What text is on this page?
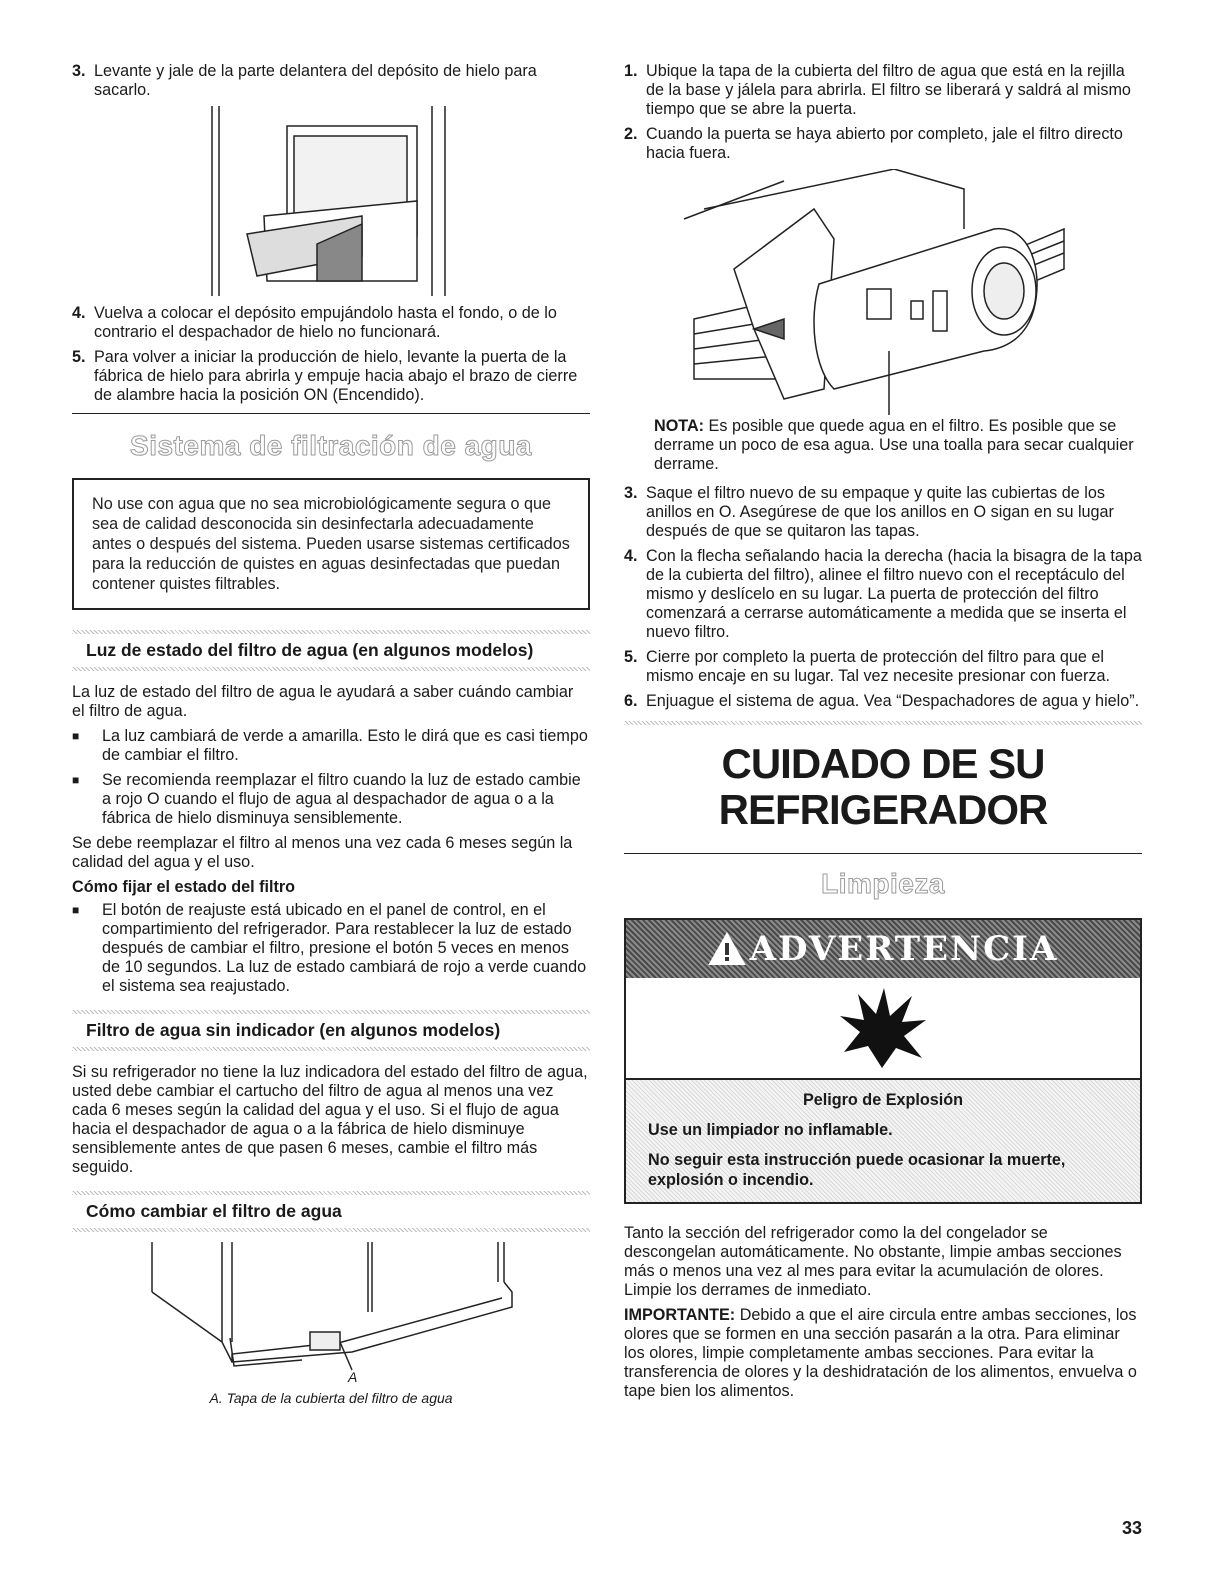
3. Levante y jale de la parte delantera del depósito de hielo para sacarlo.
4. Vuelva a colocar el depósito empujándolo hasta el fondo, o de lo contrario el despachador de hielo no funcionará.
5. Para volver a iniciar la producción de hielo, levante la puerta de la fábrica de hielo para abrirla y empuje hacia abajo el brazo de cierre de alambre hacia la posición ON (Encendido).
Sistema de filtración de agua
No use con agua que no sea microbiológicamente segura o que sea de calidad desconocida sin desinfectarla adecuadamente antes o después del sistema. Pueden usarse sistemas certificados para la reducción de quistes en aguas desinfectadas que puedan contener quistes filtrables.
Luz de estado del filtro de agua (en algunos modelos)

La luz de estado del filtro de agua le ayudará a saber cuándo cambiar el filtro de agua.

■	La luz cambiará de verde a amarilla. Esto le dirá que es casi tiempo de cambiar el filtro.
■	Se recomienda reemplazar el filtro cuando la luz de estado cambie a rojo O cuando el flujo de agua al despachador de agua o a la fábrica de hielo disminuya sensiblemente.

Se debe reemplazar el filtro al menos una vez cada 6 meses según la calidad del agua y el uso.

Cómo fijar el estado del filtro

■	El botón de reajuste está ubicado en el panel de control, en el compartimiento del refrigerador. Para restablecer la luz de estado después de cambiar el filtro, presione el botón 5 veces en menos de 10 segundos. La luz de estado cambiará de rojo a verde cuando el sistema sea reajustado.
Filtro de agua sin indicador (en algunos modelos)

Si su refrigerador no tiene la luz indicadora del estado del filtro de agua, usted debe cambiar el cartucho del filtro de agua al menos una vez cada 6 meses según la calidad del agua y el uso. Si el flujo de agua hacia el despachador de agua o a la fábrica de hielo disminuye sensiblemente antes de que pasen 6 meses, cambie el filtro más seguido.

Cómo cambiar el filtro de agua
A
A. Tapa de la cubierta del filtro de agua
1. Ubique la tapa de la cubierta del filtro de agua que está en la rejilla de la base y jálela para abrirla. El filtro se liberará y saldrá al mismo tiempo que se abre la puerta.
2. Cuando la puerta se haya abierto por completo, jale el filtro directo hacia fuera.

NOTA: Es posible que quede agua en el filtro. Es posible que se derrame un poco de esa agua. Use una toalla para secar cualquier derrame.

3. Saque el filtro nuevo de su empaque y quite las cubiertas de los anillos en O. Asegúrese de que los anillos en O sigan en su lugar después de que se quitaron las tapas.
4. Con la flecha señalando hacia la derecha (hacia la bisagra de la tapa de la cubierta del filtro), alinee el filtro nuevo con el receptáculo del mismo y deslícelo en su lugar. La puerta de protección del filtro comenzará a cerrarse automáticamente a medida que se inserta el nuevo filtro.
5. Cierre por completo la puerta de protección del filtro para que el mismo encaje en su lugar. Tal vez necesite presionar con fuerza.
6. Enjuague el sistema de agua. Vea “Despachadores de agua y hielo”.
CUIDADO DE SU
REFRIGERADOR
Limpieza
ADVERTENCIA

Peligro de Explosión

Use un limpiador no inflamable.

No seguir esta instrucción puede ocasionar la muerte, explosión o incendio.

Tanto la sección del refrigerador como la del congelador se descongelan automáticamente. No obstante, limpie ambas secciones más o menos una vez al mes para evitar la acumulación de olores. Limpie los derrames de inmediato.

IMPORTANTE: Debido a que el aire circula entre ambas secciones, los olores que se formen en una sección pasarán a la otra. Para eliminar los olores, limpie completamente ambas secciones. Para evitar la transferencia de olores y la deshidratación de los alimentos, envuelva o tape bien los alimentos.

33
